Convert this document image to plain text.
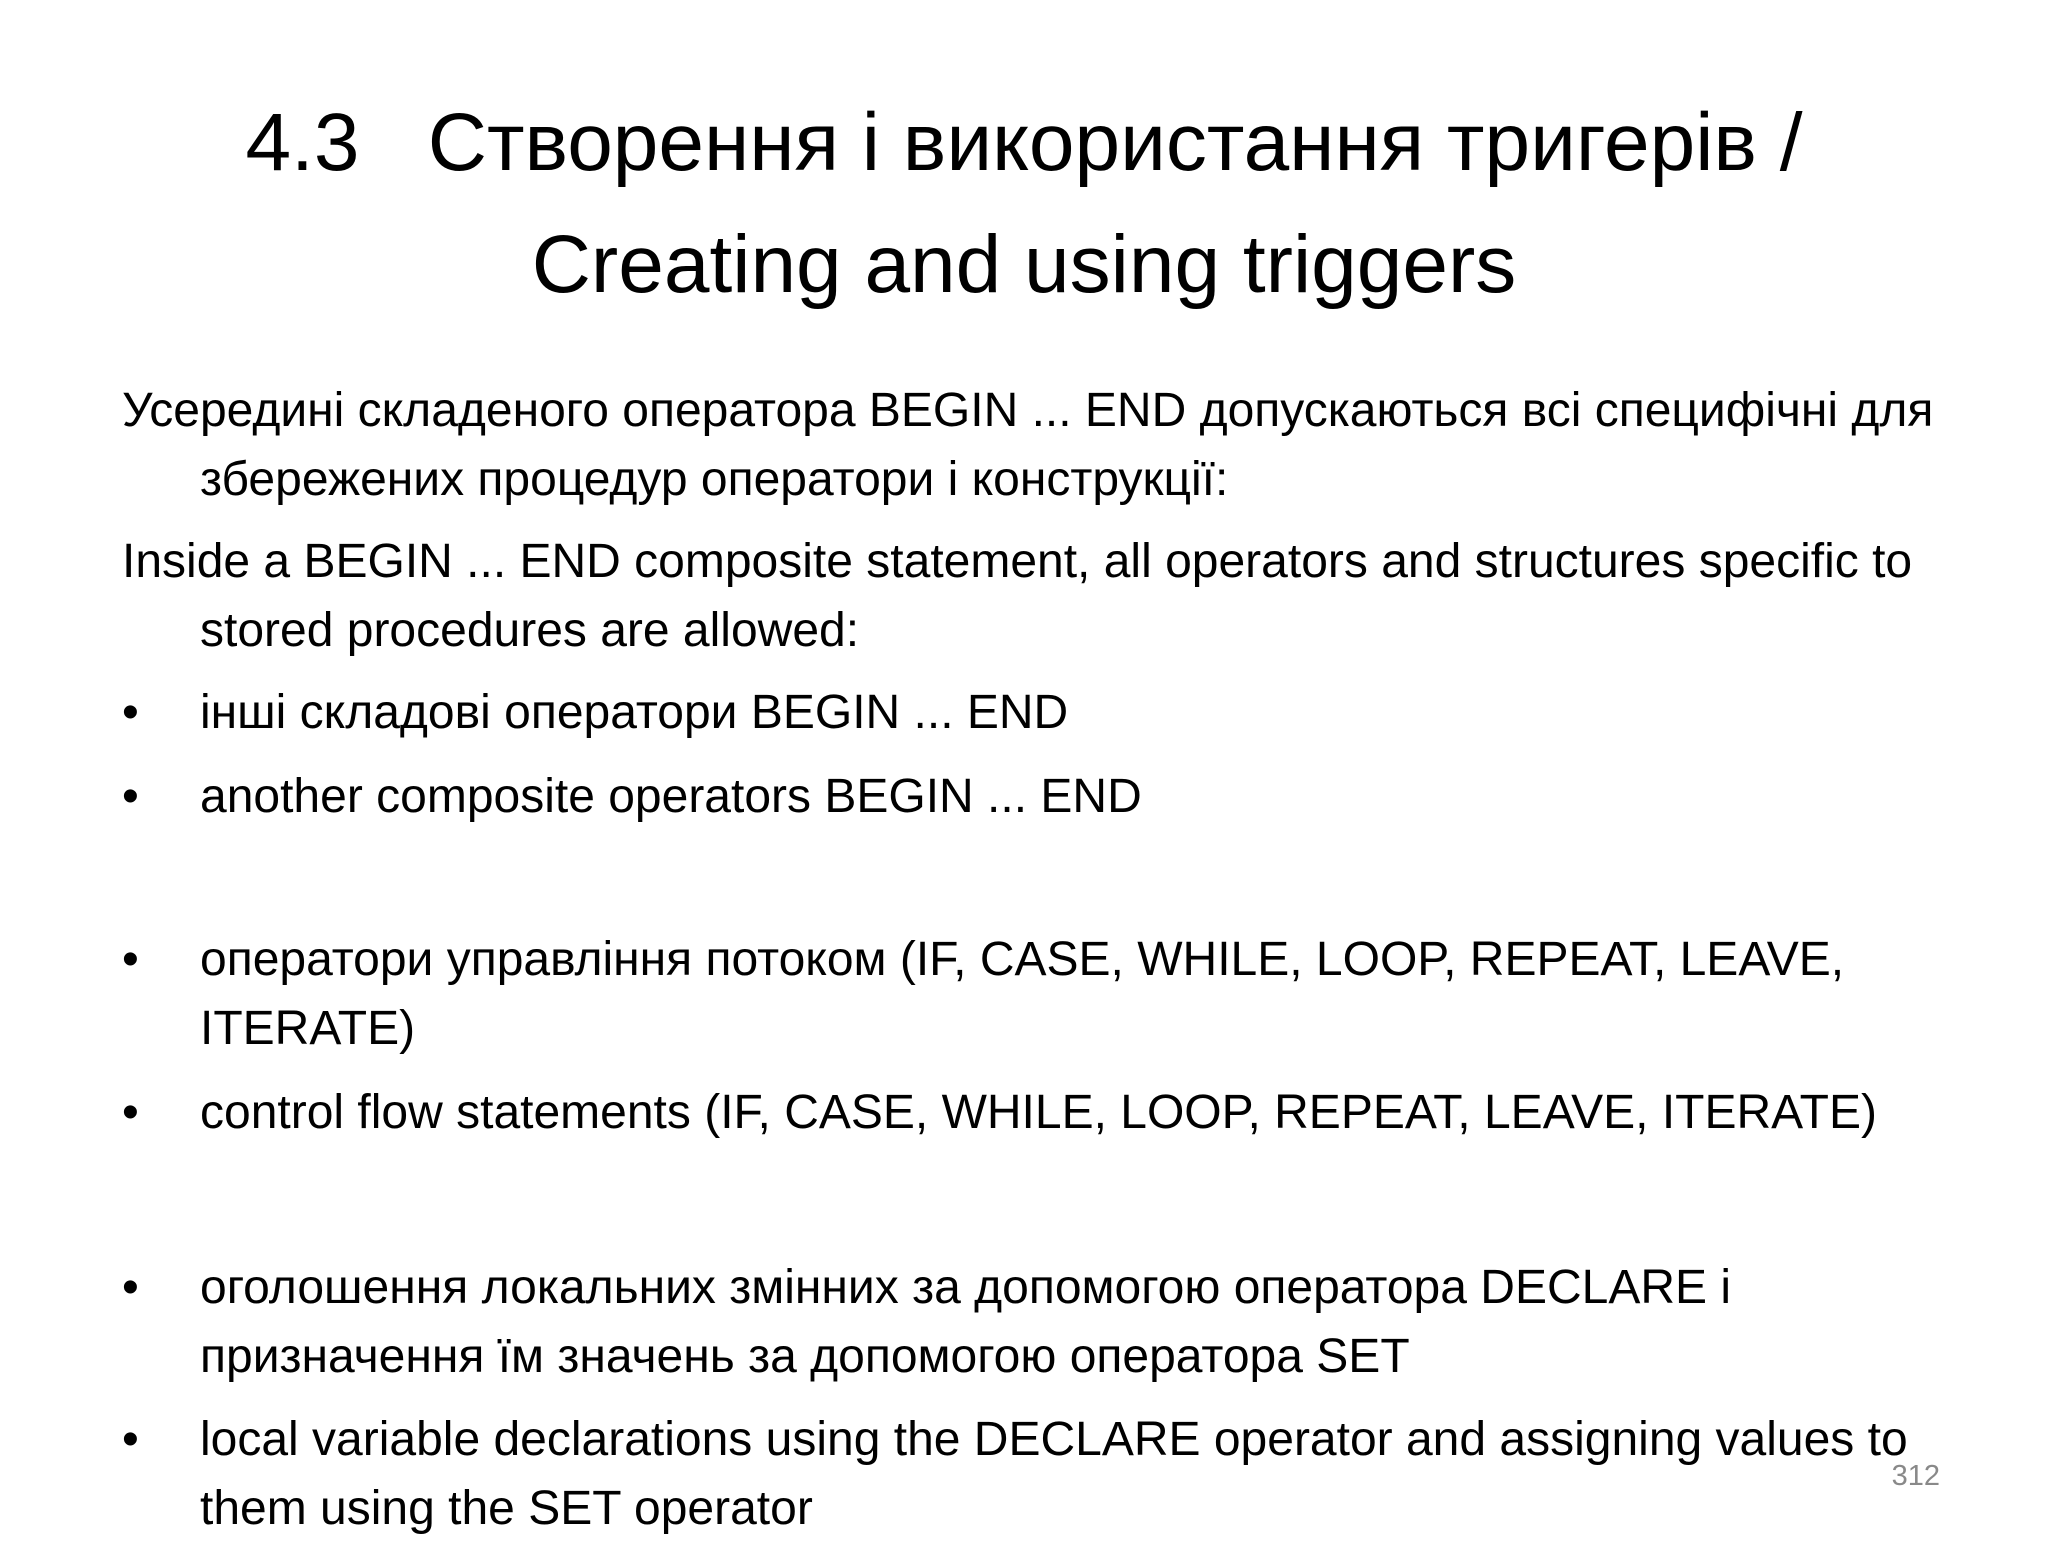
4.3   Створення і використання тригерів /
Creating and using triggers

Усередині складеного оператора BEGIN ... END допускаються всі специфічні для збережених процедур оператори і конструкції:

Inside a BEGIN ... END composite statement, all operators and structures specific to stored procedures are allowed:

•	інші складові оператори BEGIN ... END
•	another composite operators BEGIN ... END
•	оператори управління потоком (IF, CASE, WHILE, LOOP, REPEAT, LEAVE, ITERATE)
•	control flow statements (IF, CASE, WHILE, LOOP, REPEAT, LEAVE, ITERATE)
•	оголошення локальних змінних за допомогою оператора DECLARE і призначення їм значень за допомогою оператора SET
•	local variable declarations using the DECLARE operator and assigning values to them using the SET operator
312
